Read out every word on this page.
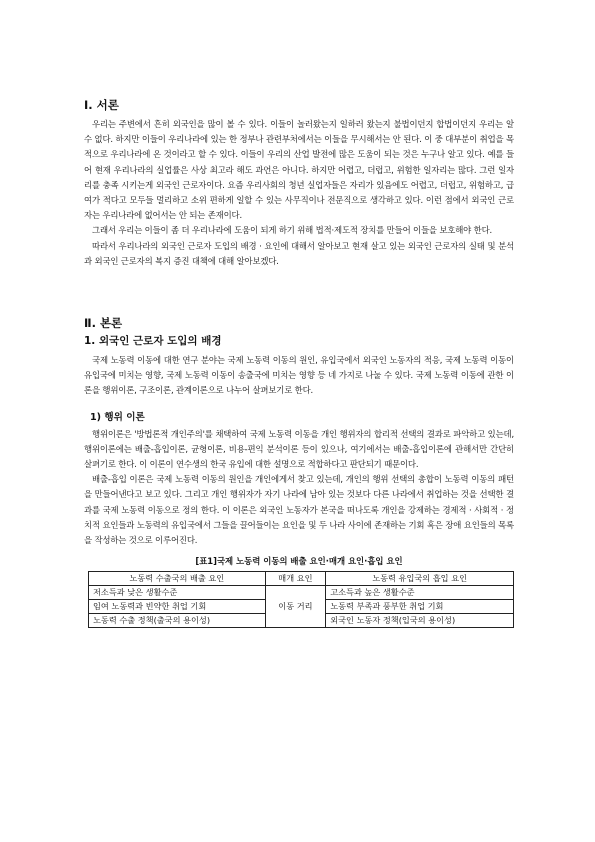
Ⅰ. 서론

우리는 주변에서 흔히 외국인을 많이 볼 수 있다. 이들이 놀러왔는지 일하러 왔는지 불법이던지 합법이던지 우리는 알 수 없다. 하지만 이들이 우리나라에 있는 한 정부나 관련부처에서는 이들을 무시해서는 안 된다. 이 중 대부분이 취업을 목적으로 우리나라에 온 것이라고 할 수 있다. 이들이 우리의 산업 발전에 많은 도움이 되는 것은 누구나 알고 있다. 예를 들어 현재 우리나라의 실업률은 사상 최고라 해도 과언은 아니다. 하지만 어렵고, 더럽고, 위험한 일자리는 많다. 그런 일자리를 충족 시키는게 외국인 근로자이다. 요즘 우리사회의 청년 실업자들은 자리가 있음에도 어렵고, 더럽고, 위험하고, 급여가 적다고 모두들 멀리하고 소위 편하게 일할 수 있는 사무직이나 전문직으로 생각하고 있다. 이런 점에서 외국인 근로자는 우리나라에 없어서는 안 되는 존재이다.

그래서 우리는 이들이 좀 더 우리나라에 도움이 되게 하기 위해 법적·제도적 장치를 만들어 이들을 보호해야 한다.

따라서 우리나라의 외국인 근로자 도입의 배경 · 요인에 대해서 알아보고 현재 살고 있는 외국인 근로자의 실태 및 분석과 외국인 근로자의 복지 증진 대책에 대해 알아보겠다.

Ⅱ. 본론
1. 외국인 근로자 도입의 배경

국제 노동력 이동에 대한 연구 분야는 국제 노동력 이동의 원인, 유입국에서 외국인 노동자의 적응, 국제 노동력 이동이 유입국에 미치는 영향, 국제 노동력 이동이 송출국에 미치는 영향 등 네 가지로 나눌 수 있다. 국제 노동력 이동에 관한 이론을 행위이론, 구조이론, 관계이론으로 나누어 살펴보기로 한다.

1) 행위 이론

행위이론은 '방법론적 개인주의'를 채택하여 국제 노동력 이동을 개인 행위자의 합리적 선택의 결과로 파악하고 있는데, 행위이론에는 배출-흡입이론, 균형이론, 비용-편익 분석이론 등이 있으나, 여기에서는 배출-흡입이론에 관해서만 간단히 살펴기로 한다. 이 이론이 연수생의 한국 유입에 대한 설명으로 적합하다고 판단되기 때문이다.

배출-흡입 이론은 국제 노동력 이동의 원인을 개인에게서 찾고 있는데, 개인의 행위 선택의 총합이 노동력 이동의 패턴을 만들어낸다고 보고 있다. 그리고 개인 행위자가 자기 나라에 남아 있는 것보다 다른 나라에서 취업하는 것을 선택한 결과를 국제 노동력 이동으로 정의 한다. 이 이론은 외국인 노동자가 본국을 떠나도록 개인을 강제하는 경제적 · 사회적 · 정치적 요인들과 노동력의 유입국에서 그들을 끌어들이는 요인을 및 두 나라 사이에 존재하는 기회 혹은 장애 요인들의 목록을 작성하는 것으로 이루어진다.

[표1]국제 노동력 이동의 배출 요인·매개 요인·흡입 요인
노동력 수출국의 배출 요인	매개 요인	노동력 유입국의 흡입 요인
저소득과 낮은 생활수준	이동 거리	고소득과 높은 생활수준
임여 노동력과 빈약한 취업 기회		노동력 부족과 풍부한 취업 기회
노동력 수출 정책(출국의 용이성)		외국인 노동자 정책(입국의 용이성)
